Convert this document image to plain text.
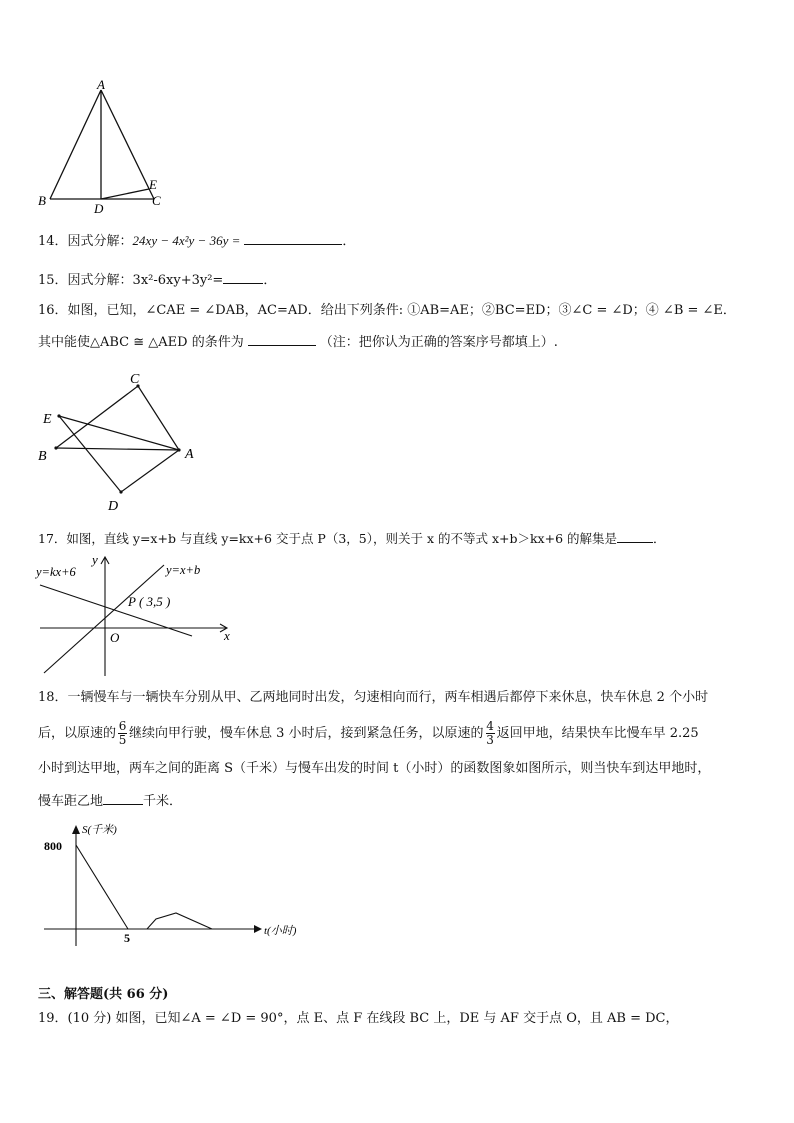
A
B	C
D
E
14．因式分解：24xy − 4x²y − 36y =	．
15．因式分解：3x²-6xy+3y²=	．
16．如图，已知，∠CAE = ∠DAB，AC=AD．给出下列条件: ①AB=AE；②BC=ED；③∠C = ∠D；④ ∠B = ∠E．
其中能使△ABC ≅ △AED 的条件为	（注：把你认为正确的答案序号都填上）.
C
E
B	A
D
17．如图，直线 y=x+b 与直线 y=kx+6 交于点 P（3，5），则关于 x 的不等式 x+b＞kx+6 的解集是	．
y
x
O
y=kx+6	y=x+b
P ( 3,5 )
18．一辆慢车与一辆快车分别从甲、乙两地同时出发，匀速相向而行，两车相遇后都停下来休息，快车休息 2 个小时
后，以原速的 $\frac{6}{5}$ 继续向甲行驶，慢车休息 3 小时后，接到紧急任务，以原速的 $\frac{4}{3}$ 返回甲地，结果快车比慢车早 2.25
小时到达甲地，两车之间的距离 S（千米）与慢车出发的时间 t（小时）的函数图象如图所示，则当快车到达甲地时，
慢车距乙地	千米．
S(千米)
t(小时)
800
5
三、解答题(共 66 分)
19．(10 分) 如图，已知∠A = ∠D = 90°，点 E、点 F 在线段 BC 上，DE 与 AF 交于点 O，且 AB = DC，
